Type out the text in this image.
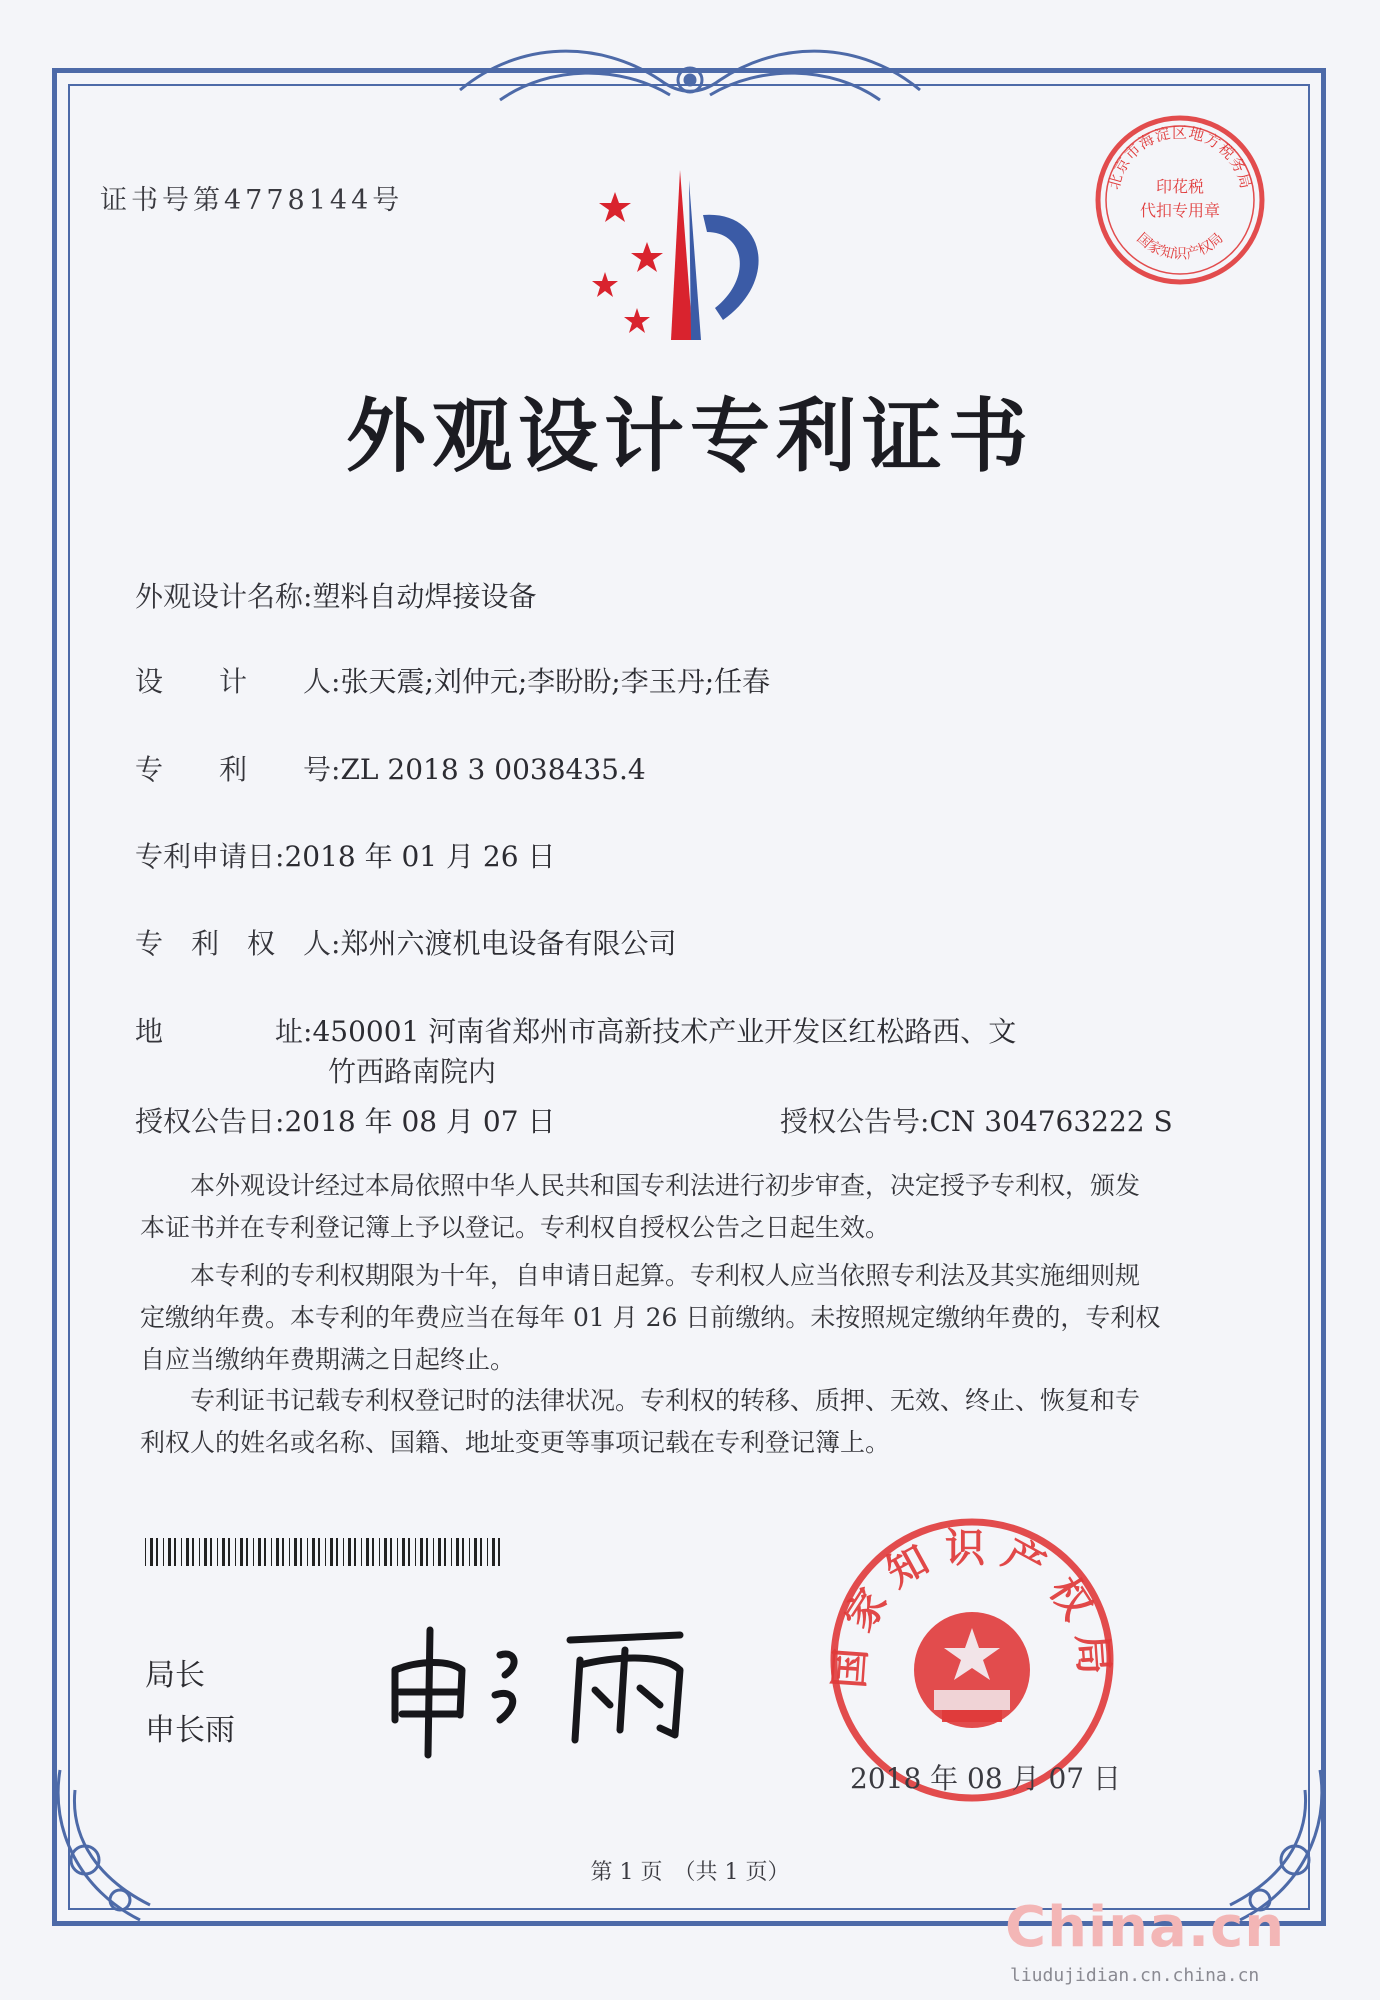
证书号第4778144号
北京市海淀区地方税务局
印花税
代扣专用章
国家知识产权局
外观设计专利证书
外观设计名称:塑料自动焊接设备
设　　计　　人:张天震;刘仲元;李盼盼;李玉丹;任春
专　　利　　号:ZL 2018 3 0038435.4
专利申请日:2018 年 01 月 26 日
专　利　权　人:郑州六渡机电设备有限公司
地　　　　址:450001 河南省郑州市高新技术产业开发区红松路西、文
竹西路南院内
授权公告日:2018 年 08 月 07 日	授权公告号:CN 304763222 S
本外观设计经过本局依照中华人民共和国专利法进行初步审查，决定授予专利权，颁发
本证书并在专利登记簿上予以登记。专利权自授权公告之日起生效。
本专利的专利权期限为十年，自申请日起算。专利权人应当依照专利法及其实施细则规
定缴纳年费。本专利的年费应当在每年 01 月 26 日前缴纳。未按照规定缴纳年费的，专利权
自应当缴纳年费期满之日起终止。
专利证书记载专利权登记时的法律状况。专利权的转移、质押、无效、终止、恢复和专
利权人的姓名或名称、国籍、地址变更等事项记载在专利登记簿上。
局长
申长雨
国家知识产权局
2018 年 08 月 07 日
第 1 页　（共 1 页）
China.cn
liudujidian.cn.china.cn
